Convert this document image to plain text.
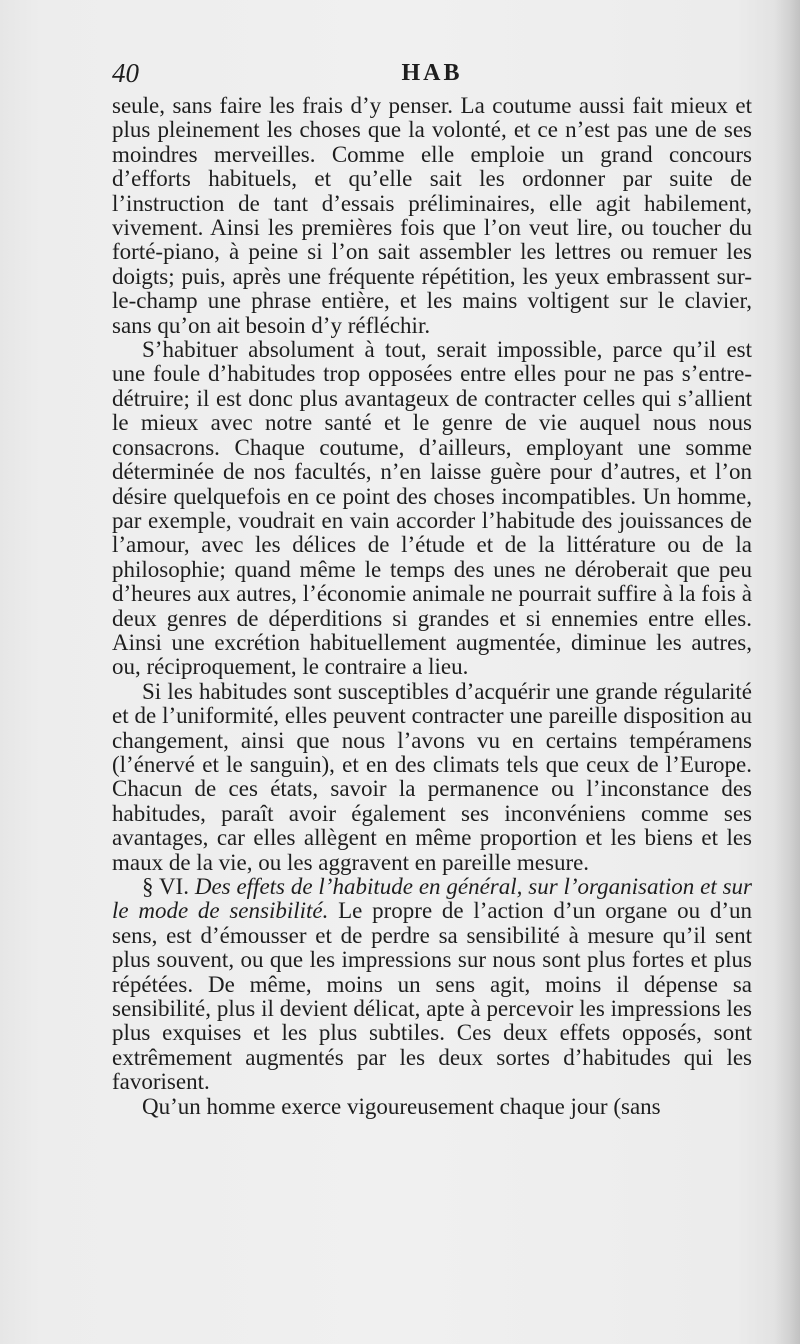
40	HAB

seule, sans faire les frais d’y penser. La coutume aussi fait mieux et plus pleinement les choses que la volonté, et ce n’est pas une de ses moindres merveilles. Comme elle emploie un grand concours d’efforts habituels, et qu’elle sait les ordonner par suite de l’instruction de tant d’essais préliminaires, elle agit habilement, vivement. Ainsi les premières fois que l’on veut lire, ou toucher du forté-piano, à peine si l’on sait assembler les lettres ou remuer les doigts; puis, après une fréquente répétition, les yeux embrassent sur-le-champ une phrase entière, et les mains voltigent sur le clavier, sans qu’on ait besoin d’y réfléchir.

S’habituer absolument à tout, serait impossible, parce qu’il est une foule d’habitudes trop opposées entre elles pour ne pas s’entre-détruire; il est donc plus avantageux de contracter celles qui s’allient le mieux avec notre santé et le genre de vie auquel nous nous consacrons. Chaque coutume, d’ailleurs, employant une somme déterminée de nos facultés, n’en laisse guère pour d’autres, et l’on désire quelquefois en ce point des choses incompatibles. Un homme, par exemple, voudrait en vain accorder l’habitude des jouissances de l’amour, avec les délices de l’étude et de la littérature ou de la philosophie; quand même le temps des unes ne déroberait que peu d’heures aux autres, l’économie animale ne pourrait suffire à la fois à deux genres de déperditions si grandes et si ennemies entre elles. Ainsi une excrétion habituellement augmentée, diminue les autres, ou, réciproquement, le contraire a lieu.

Si les habitudes sont susceptibles d’acquérir une grande régularité et de l’uniformité, elles peuvent contracter une pareille disposition au changement, ainsi que nous l’avons vu en certains tempéramens (l’énervé et le sanguin), et en des climats tels que ceux de l’Europe. Chacun de ces états, savoir la permanence ou l’inconstance des habitudes, paraît avoir également ses inconvéniens comme ses avantages, car elles allègent en même proportion et les biens et les maux de la vie, ou les aggravent en pareille mesure.

§ VI. Des effets de l’habitude en général, sur l’organisation et sur le mode de sensibilité. Le propre de l’action d’un organe ou d’un sens, est d’émousser et de perdre sa sensibilité à mesure qu’il sent plus souvent, ou que les impressions sur nous sont plus fortes et plus répétées. De même, moins un sens agit, moins il dépense sa sensibilité, plus il devient délicat, apte à percevoir les impressions les plus exquises et les plus subtiles. Ces deux effets opposés, sont extrêmement augmentés par les deux sortes d’habitudes qui les favorisent.

Qu’un homme exerce vigoureusement chaque jour (sans
